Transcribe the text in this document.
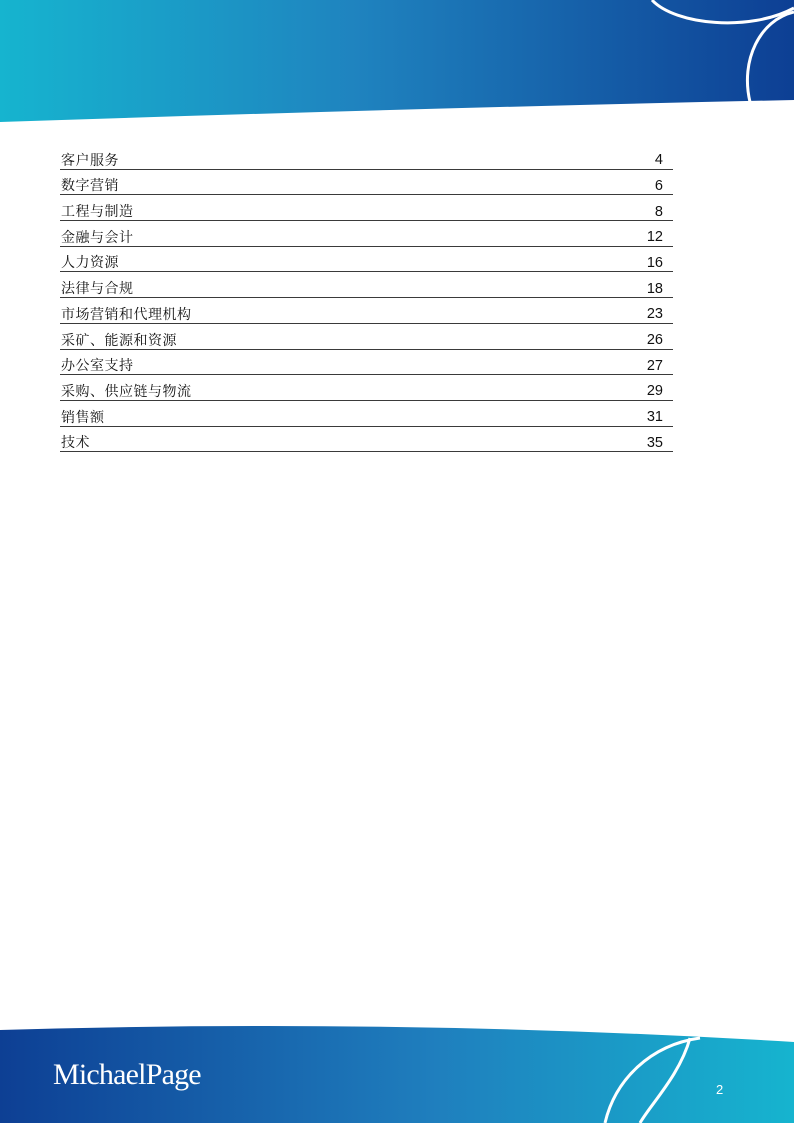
客户服务	4
数字营销	6
工程与制造	8
金融与会计	12
人力资源	16
法律与合规	18
市场营销和代理机构	23
采矿、能源和资源	26
办公室支持	27
采购、供应链与物流	29
销售额	31
技术	35
MichaelPage	2
